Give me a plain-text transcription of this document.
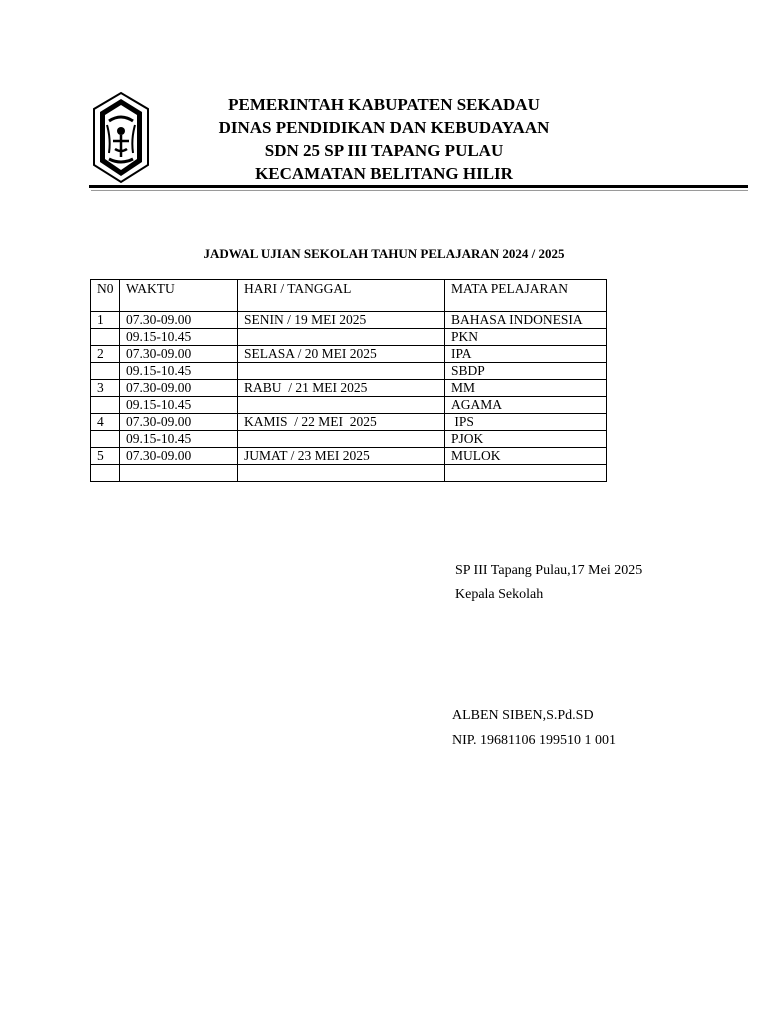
PEMERINTAH KABUPATEN SEKADAU
DINAS PENDIDIKAN DAN KEBUDAYAAN
SDN 25 SP III TAPANG PULAU
KECAMATAN BELITANG HILIR
JADWAL UJIAN SEKOLAH TAHUN PELAJARAN 2024 / 2025
N0	WAKTU	HARI / TANGGAL	MATA PELAJARAN
1	07.30-09.00	SENIN / 19 MEI 2025	BAHASA INDONESIA
	09.15-10.45		PKN
2	07.30-09.00	SELASA / 20 MEI 2025	IPA
	09.15-10.45		SBDP
3	07.30-09.00	RABU  / 21 MEI 2025	MM
	09.15-10.45		AGAMA
4	07.30-09.00	KAMIS  / 22 MEI  2025	IPS
	09.15-10.45		PJOK
5	07.30-09.00	JUMAT / 23 MEI 2025	MULOK

SP III Tapang Pulau,17 Mei 2025
Kepala Sekolah
ALBEN SIBEN,S.Pd.SD
NIP. 19681106 199510 1 001
